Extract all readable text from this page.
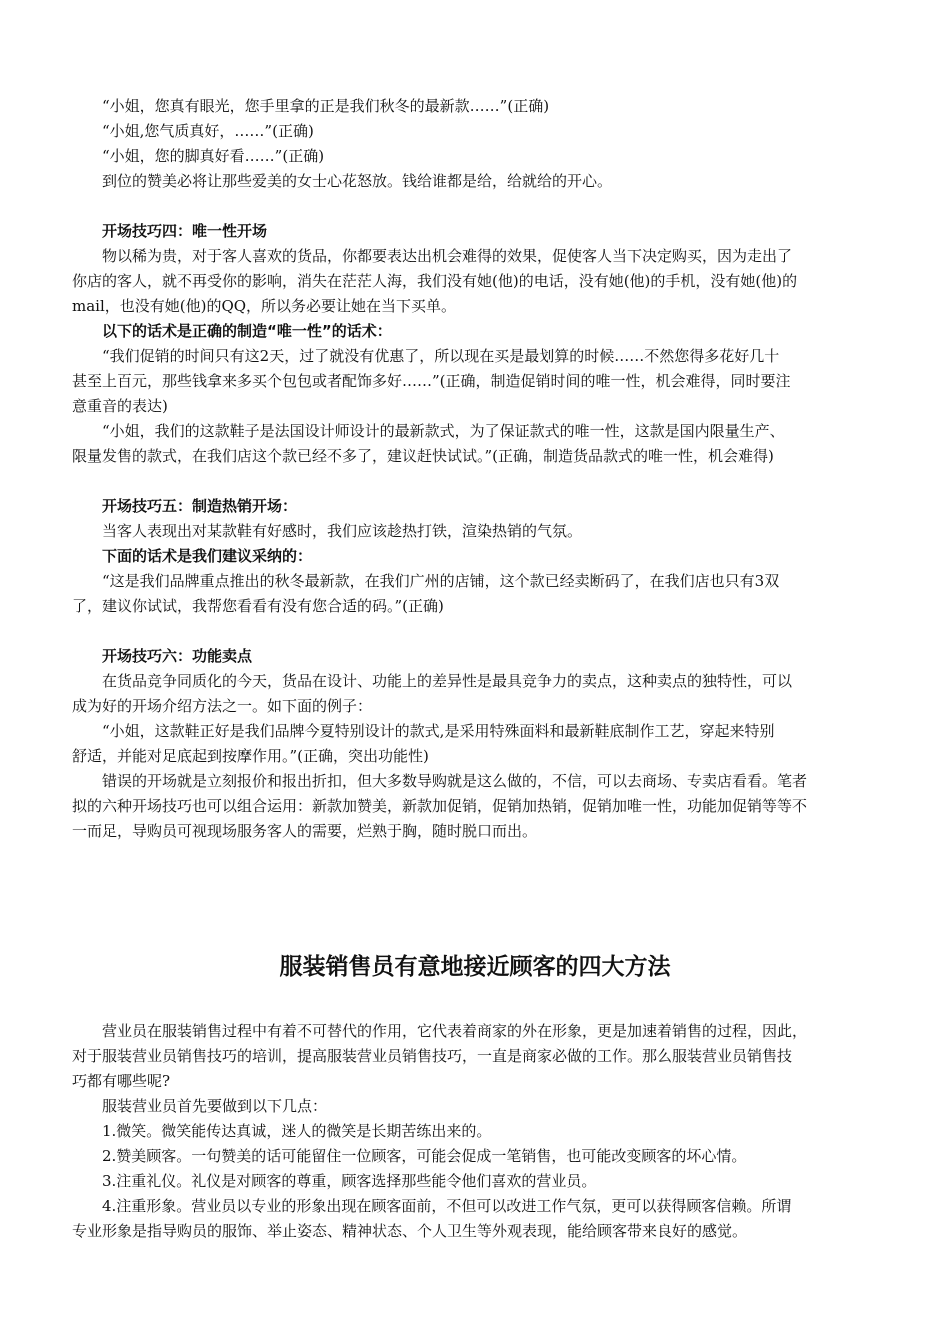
“小姐，您真有眼光，您手里拿的正是我们秋冬的最新款……”(正确)
“小姐,您气质真好，……”(正确)
“小姐，您的脚真好看……”(正确)
到位的赞美必将让那些爱美的女士心花怒放。钱给谁都是给，给就给的开心。
开场技巧四：唯一性开场
物以稀为贵，对于客人喜欢的货品，你都要表达出机会难得的效果，促使客人当下决定购买，因为走出了
你店的客人，就不再受你的影响，消失在茫茫人海，我们没有她(他)的电话，没有她(他)的手机，没有她(他)的
mail，也没有她(他)的QQ，所以务必要让她在当下买单。
以下的话术是正确的制造“唯一性”的话术：
“我们促销的时间只有这2天，过了就没有优惠了，所以现在买是最划算的时候……不然您得多花好几十
甚至上百元，那些钱拿来多买个包包或者配饰多好……”(正确，制造促销时间的唯一性，机会难得，同时要注
意重音的表达)
“小姐，我们的这款鞋子是法国设计师设计的最新款式，为了保证款式的唯一性，这款是国内限量生产、
限量发售的款式，在我们店这个款已经不多了，建议赶快试试。”(正确，制造货品款式的唯一性，机会难得)
开场技巧五：制造热销开场：
当客人表现出对某款鞋有好感时，我们应该趁热打铁，渲染热销的气氛。
下面的话术是我们建议采纳的：
“这是我们品牌重点推出的秋冬最新款，在我们广州的店铺，这个款已经卖断码了，在我们店也只有3双
了，建议你试试，我帮您看看有没有您合适的码。”(正确)
开场技巧六：功能卖点
在货品竞争同质化的今天，货品在设计、功能上的差异性是最具竞争力的卖点，这种卖点的独特性，可以
成为好的开场介绍方法之一。如下面的例子：
“小姐，这款鞋正好是我们品牌今夏特别设计的款式,是采用特殊面料和最新鞋底制作工艺，穿起来特别
舒适，并能对足底起到按摩作用。”(正确，突出功能性)
错误的开场就是立刻报价和报出折扣，但大多数导购就是这么做的，不信，可以去商场、专卖店看看。笔者
拟的六种开场技巧也可以组合运用：新款加赞美，新款加促销，促销加热销，促销加唯一性，功能加促销等等不
一而足，导购员可视现场服务客人的需要，烂熟于胸，随时脱口而出。
服装销售员有意地接近顾客的四大方法
营业员在服装销售过程中有着不可替代的作用，它代表着商家的外在形象，更是加速着销售的过程，因此，
对于服装营业员销售技巧的培训，提高服装营业员销售技巧，一直是商家必做的工作。那么服装营业员销售技
巧都有哪些呢?
服装营业员首先要做到以下几点：
1.微笑。微笑能传达真诚，迷人的微笑是长期苦练出来的。
2.赞美顾客。一句赞美的话可能留住一位顾客，可能会促成一笔销售，也可能改变顾客的坏心情。
3.注重礼仪。礼仪是对顾客的尊重，顾客选择那些能令他们喜欢的营业员。
4.注重形象。营业员以专业的形象出现在顾客面前，不但可以改进工作气氛，更可以获得顾客信赖。所谓
专业形象是指导购员的服饰、举止姿态、精神状态、个人卫生等外观表现，能给顾客带来良好的感觉。
